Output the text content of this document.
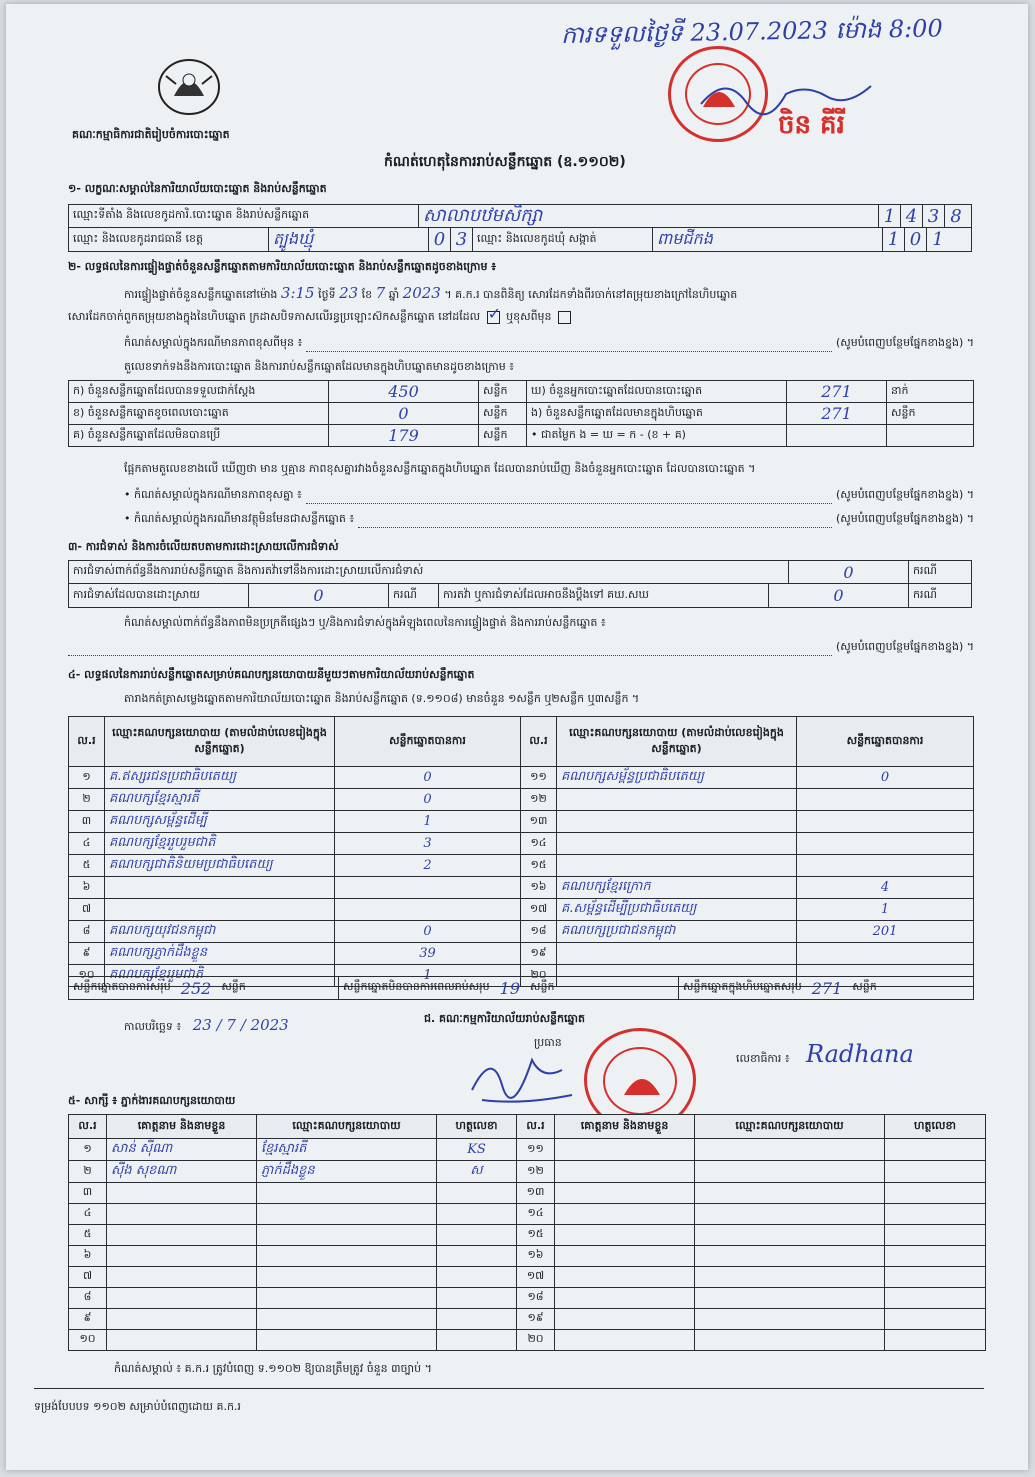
ការទទួលថ្ងៃទី 23.07.2023 ម៉ោង 8:00
គណៈកម្មាធិការជាតិរៀបចំការបោះឆ្នោត	ចិន គីរី
កំណត់ហេតុនៃការរាប់សន្លឹកឆ្នោត (ឧ.១១០២)
១- លក្ខណៈសម្គាល់នៃការិយាល័យបោះឆ្នោត និងរាប់សន្លឹកឆ្នោត
ឈ្មោះទីតាំង និងលេខកូដការិ.បោះឆ្នោត និងរាប់សន្លឹកឆ្នោត	សាលាបឋមសិក្សា	1 4 3 8
ឈ្មោះ និងលេខកូដរាជធានី ខេត្ត	ត្បូងឃ្មុំ	0 3 ឈ្មោះ និងលេខកូដឃុំ សង្កាត់	ពាមជីកង	1 0 1
២- លទ្ធផលនៃការផ្ទៀងផ្ទាត់ចំនួនសន្លឹកឆ្នោតតាមការិយាល័យបោះឆ្នោត និងរាប់សន្លឹកឆ្នោតដូចខាងក្រោម ៖
ការផ្ទៀងផ្ទាត់ចំនួនសន្លឹកឆ្នោតនៅម៉ោង 3:15 ថ្ងៃទី 23 ខែ 7 ឆ្នាំ 2023 ។ គ.ក.រ បានពិនិត្យ សោរដែកទាំងពីរចាក់នៅតម្រុយខាងក្រៅនៃហិបឆ្នោត
សោរដែកចាក់ពួកតម្រុយខាងក្នុងនៃហិបឆ្នោត ក្រដាសបិទភាសលើរន្ធប្រឡោះស៊កសន្លឹកឆ្នោត នៅដដែល ✓ ឬខុសពីមុន
កំណត់សម្គាល់ក្នុងករណីមានភាពខុសពីមុន ៖	(សូមបំពេញបន្ថែមផ្នែកខាងខ្នង) ។
តួលេខទាក់ទងនឹងការបោះឆ្នោត និងការរាប់សន្លឹកឆ្នោតដែលមានក្នុងហិបឆ្នោតមានដូចខាងក្រោម ៖
ក) ចំនួនសន្លឹកឆ្នោតដែលបានទទួលជាក់ស្តែង	450	សន្លឹក	ឃ) ចំនួនអ្នកបោះឆ្នោតដែលបានបោះឆ្នោត	271	នាក់
ខ) ចំនួនសន្លឹកឆ្នោតខូចពេលបោះឆ្នោត	0	សន្លឹក	ង) ចំនួនសន្លឹកឆ្នោតដែលមានក្នុងហិបឆ្នោត	271	សន្លឹក
គ) ចំនួនសន្លឹកឆ្នោតដែលមិនបានប្រើ	179	សន្លឹក	• ជាតម្លៃក ង = ឃ = ក - (ខ + គ)		
ផ្អែកតាមតួលេខខាងលើ ឃើញថា មាន ឬគ្មាន ភាពខុសគ្នារវាងចំនួនសន្លឹកឆ្នោតក្នុងហិបឆ្នោត ដែលបានរាប់ឃើញ និងចំនួនអ្នកបោះឆ្នោត ដែលបានបោះឆ្នោត ។
• កំណត់សម្គាល់ក្នុងករណីមានភាពខុសគ្នា ៖	(សូមបំពេញបន្ថែមផ្នែកខាងខ្នង) ។
• កំណត់សម្គាល់ក្នុងករណីមានវត្ថុមិនមែនជាសន្លឹកឆ្នោត ៖	(សូមបំពេញបន្ថែមផ្នែកខាងខ្នង) ។
៣- ការជំទាស់ និងការចំលើយតបតាមការដោះស្រាយលើការជំទាស់
ការជំទាស់ពាក់ព័ន្ធនឹងការរាប់សន្លឹកឆ្នោត និងការតវ៉ាទៅនឹងការដោះស្រាយលើការជំទាស់	0	ករណី
ការជំទាស់ដែលបានដោះស្រាយ	0	ករណី	ការតវ៉ា ឬការជំទាស់ដែលអាចនឹងប្តឹងទៅ គឃ.សឃ	0	ករណី
កំណត់សម្គាល់ពាក់ព័ន្ធនឹងភាពមិនប្រក្រតីផ្សេងៗ ឬ/និងការជំទាស់ក្នុងអំឡុងពេលនៃការផ្ទៀងផ្ទាត់ និងការរាប់សន្លឹកឆ្នោត ៖
(សូមបំពេញបន្ថែមផ្នែកខាងខ្នង) ។
៤- លទ្ធផលនៃការរាប់សន្លឹកឆ្នោតសម្រាប់គណបក្សនយោបាយនីមួយៗតាមការិយាល័យរាប់សន្លឹកឆ្នោត
តារាងកត់ត្រាសម្លេងឆ្នោតតាមការិយាល័យបោះឆ្នោត និងរាប់សន្លឹកឆ្នោត (ទ.១១០៨) មានចំនួន ១សន្លឹក ឬ២សន្លឹក ឬ៣សន្លឹក ។
ល.រ	ឈ្មោះគណបក្សនយោបាយ (តាមលំដាប់លេខរៀងក្នុងសន្លឹកឆ្នោត)	សន្លឹកឆ្នោតបានការ	ល.រ	ឈ្មោះគណបក្សនយោបាយ (តាមលំដាប់លេខរៀងក្នុងសន្លឹកឆ្នោត)	សន្លឹកឆ្នោតបានការ
១	គ.ឥស្សរជនប្រជាធិបតេយ្យ	0	១១	គណបក្សសម្ព័ន្ធប្រជាធិបតេយ្យ	0
២	គណបក្សខ្មែរស្មារតី	0	១២		
៣	គណបក្សសម្ព័ន្ធដើម្បី	1	១៣		
៤	គណបក្សខ្មែររួបរួមជាតិ	3	១៤		
៥	គណបក្សជាតិនិយមប្រជាធិបតេយ្យ	2	១៥		
៦			១៦	គណបក្សខ្មែរក្រោក	4
៧			១៧	គ.សម្ព័ន្ធដើម្បីប្រជាធិបតេយ្យ	1
៨	គណបក្សយុវជនកម្ពុជា	0	១៨	គណបក្សប្រជាជនកម្ពុជា	201
៩	គណបក្សភ្ញាក់ដឹងខ្លួន	39	១៩		
១០	គណបក្សខ្មែររួមជាតិ	1	២០		
សន្លឹកឆ្នោតបានការសរុប 252 សន្លឹក	សន្លឹកឆ្នោតមិនបានការពេលរាប់សរុប 19 សន្លឹក	សន្លឹកឆ្នោតក្នុងហិបឆ្នោតសរុប 271 សន្លឹក
កាលបរិច្ឆេទ ៖ 23 / 7 / 2023	ជ. គណៈកម្មការិយាល័យរាប់សន្លឹកឆ្នោត
ប្រធាន
លេខាធិការ ៖ Radhana
៥- សាក្សី ៖ ភ្នាក់ងារគណបក្សនយោបាយ
ល.រ	គោត្តនាម និងនាមខ្លួន	ឈ្មោះគណបក្សនយោបាយ	ហត្ថលេខា	ល.រ	គោត្តនាម និងនាមខ្លួន	ឈ្មោះគណបក្សនយោបាយ	ហត្ថលេខា
១	សាន់ ស៊ីណា	ខ្មែរស្មារតី	KS	១១			
២	ស៊ីង សុខណា	ភ្ញាក់ដឹងខ្លួន	ស	១២			
៣				១៣			
៤				១៤			
៥				១៥			
៦				១៦			
៧				១៧			
៨				១៨			
៩				១៩			
១០				២០			
កំណត់សម្គាល់ ៖ គ.ក.រ ត្រូវបំពេញ ទ.១១០២ ឱ្យបានត្រឹមត្រូវ ចំនួន ៣ច្បាប់ ។
ទម្រង់បែបបទ ១១០២ សម្រាប់បំពេញដោយ គ.ក.រ
